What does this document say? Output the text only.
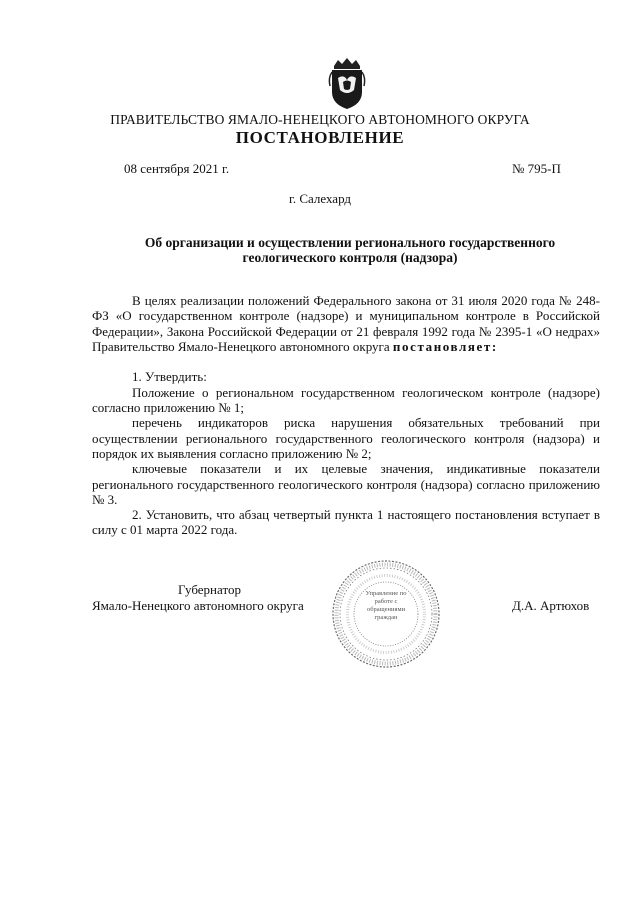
ПРАВИТЕЛЬСТВО ЯМАЛО-НЕНЕЦКОГО АВТОНОМНОГО ОКРУГА
ПОСТАНОВЛЕНИЕ
08 сентября 2021 г.	№ 795-П
г. Салехард
Об организации и осуществлении регионального государственного геологического контроля (надзора)

В целях реализации положений Федерального закона от 31 июля 2020 года № 248-ФЗ «О государственном контроле (надзоре) и муниципальном контроле в Российской Федерации», Закона Российской Федерации от 21 февраля 1992 года № 2395-1 «О недрах» Правительство Ямало-Ненецкого автономного округа постановляет:

1. Утвердить:

Положение о региональном государственном геологическом контроле (надзоре) согласно приложению № 1;

перечень индикаторов риска нарушения обязательных требований при осуществлении регионального государственного геологического контроля (надзора) и порядок их выявления согласно приложению № 2;

ключевые показатели и их целевые значения, индикативные показатели регионального государственного геологического контроля (надзора) согласно приложению № 3.

2. Установить, что абзац четвертый пункта 1 настоящего постановления вступает в силу с 01 марта 2022 года.

Управление по работе с обращениями граждан
Губернатор
Ямало-Ненецкого автономного округа	Д.А. Артюхов
